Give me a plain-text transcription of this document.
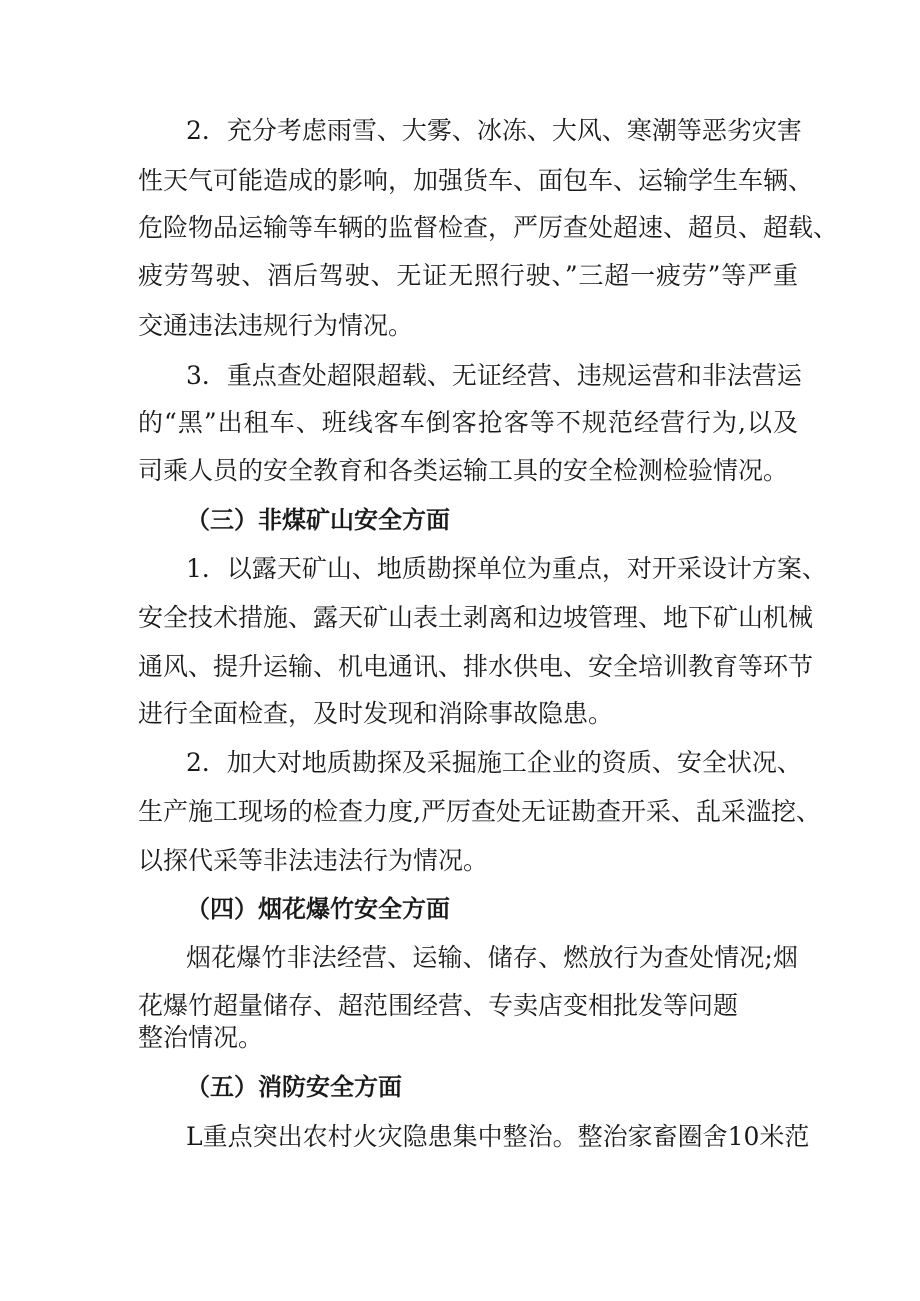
2．充分考虑雨雪、大雾、冰冻、大风、寒潮等恶劣灾害
性天气可能造成的影响，加强货车、面包车、运输学生车辆、
危险物品运输等车辆的监督检查，严厉查处超速、超员、超载、
疲劳驾驶、酒后驾驶、无证无照行驶、”三超一疲劳”等严重
交通违法违规行为情况。
3．重点查处超限超载、无证经营、违规运营和非法营运
的“黑”出租车、班线客车倒客抢客等不规范经营行为,以及
司乘人员的安全教育和各类运输工具的安全检测检验情况。
（三）非煤矿山安全方面
1．以露天矿山、地质勘探单位为重点，对开采设计方案、
安全技术措施、露天矿山表土剥离和边坡管理、地下矿山机械
通风、提升运输、机电通讯、排水供电、安全培训教育等环节
进行全面检查，及时发现和消除事故隐患。
2．加大对地质勘探及采掘施工企业的资质、安全状况、
生产施工现场的检查力度,严厉查处无证勘查开采、乱采滥挖、
以探代采等非法违法行为情况。
（四）烟花爆竹安全方面
烟花爆竹非法经营、运输、储存、燃放行为查处情况;烟
花爆竹超量储存、超范围经营、专卖店变相批发等问题
整治情况。
（五）消防安全方面
L重点突出农村火灾隐患集中整治。整治家畜圈舍10米范
